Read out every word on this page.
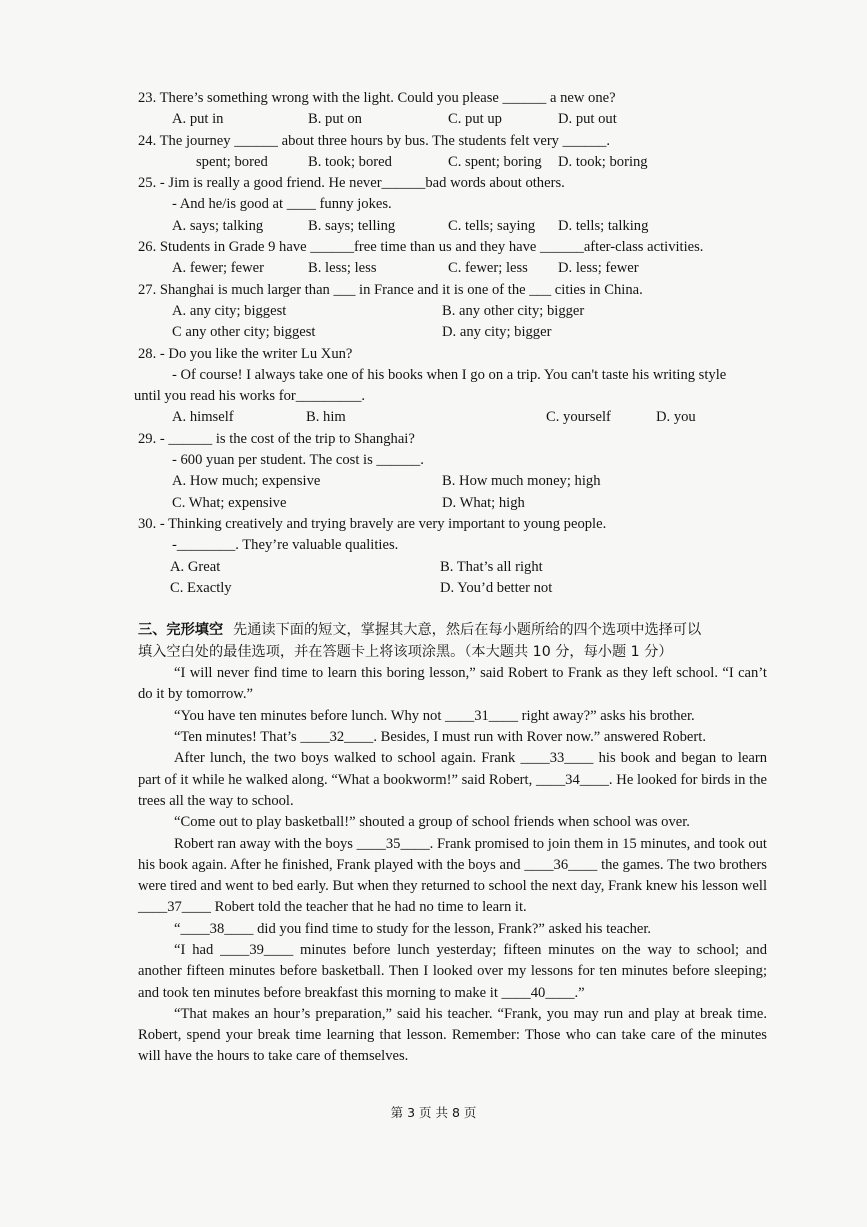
23. There’s something wrong with the light. Could you please ______ a new one?

A. put in	B. put on	C. put up	D. put out

24. The journey ______ about three hours by bus. The students felt very ______.

spent; bored	B. took; bored	C. spent; boring	D. took; boring

25. - Jim is really a good friend. He never______bad words about others.

- And he/is good at ____ funny jokes.

A. says; talking	B. says; telling	C. tells; saying	D. tells; talking

26. Students in Grade 9 have ______free time than us and they have ______after-class activities.

A. fewer; fewer	B. less; less	C. fewer; less	D. less; fewer

27. Shanghai is much larger than ___ in France and it is one of the ___ cities in China.

A. any city; biggest	B. any other city; bigger
C any other city; biggest	D. any city; bigger

28. - Do you like the writer Lu Xun?

- Of course! I always take one of his books when I go on a trip. You can't taste his writing style

until you read his works for_________.

A. himself	B. him	C. yourself	D. you

29. - ______ is the cost of the trip to Shanghai?

- 600 yuan per student. The cost is ______.

A. How much; expensive	B. How much money; high
C. What; expensive	D. What; high

30. - Thinking creatively and trying bravely are very important to young people.

-________. They’re valuable qualities.

A. Great	B. That’s all right
C. Exactly	D. You’d better not
三、完形填空 先通读下面的短文，掌握其大意，然后在每小题所给的四个选项中选择可以
填入空白处的最佳选项，并在答题卡上将该项涂黑。（本大题共 10 分，每小题 1 分）

“I will never find time to learn this boring lesson,” said Robert to Frank as they left school. “I can’t do it by tomorrow.”

“You have ten minutes before lunch. Why not ____31____ right away?” asks his brother.

“Ten minutes! That’s ____32____. Besides, I must run with Rover now.” answered Robert.

After lunch, the two boys walked to school again. Frank ____33____ his book and began to learn part of it while he walked along. “What a bookworm!” said Robert, ____34____. He looked for birds in the trees all the way to school.

“Come out to play basketball!” shouted a group of school friends when school was over.

Robert ran away with the boys ____35____. Frank promised to join them in 15 minutes, and took out his book again. After he finished, Frank played with the boys and ____36____ the games. The two brothers were tired and went to bed early. But when they returned to school the next day, Frank knew his lesson well ____37____ Robert told the teacher that he had no time to learn it.

“____38____ did you find time to study for the lesson, Frank?” asked his teacher.

“I had ____39____ minutes before lunch yesterday; fifteen minutes on the way to school; and another fifteen minutes before basketball. Then I looked over my lessons for ten minutes before sleeping; and took ten minutes before breakfast this morning to make it ____40____.”

“That makes an hour’s preparation,” said his teacher. “Frank, you may run and play at break time. Robert, spend your break time learning that lesson. Remember: Those who can take care of the minutes will have the hours to take care of themselves.

第 3 页 共 8 页
